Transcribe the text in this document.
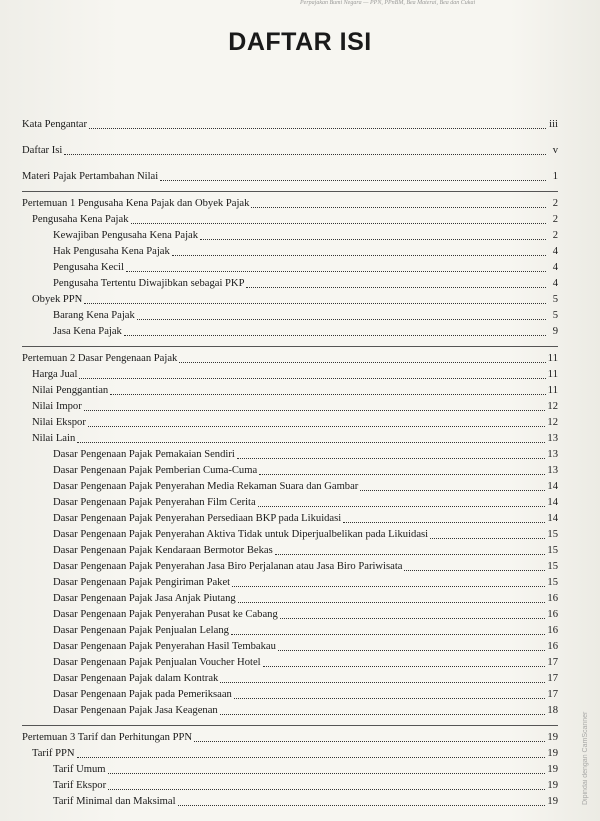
Perpajakan Bumi Negara — PPN, PPnBM, Bea Materai, Bea dan Cukai
DAFTAR ISI
Kata Pengantar	iii
Daftar Isi	v
Materi Pajak Pertambahan Nilai	1
Pertemuan 1 Pengusaha Kena Pajak dan Obyek Pajak	2
Pengusaha Kena Pajak	2
Kewajiban Pengusaha Kena Pajak	2
Hak Pengusaha Kena Pajak	4
Pengusaha Kecil	4
Pengusaha Tertentu Diwajibkan sebagai PKP	4
Obyek PPN	5
Barang Kena Pajak	5
Jasa Kena Pajak	9
Pertemuan 2 Dasar Pengenaan Pajak	11
Harga Jual	11
Nilai Penggantian	11
Nilai Impor	12
Nilai Ekspor	12
Nilai Lain	13
Dasar Pengenaan Pajak Pemakaian Sendiri	13
Dasar Pengenaan Pajak Pemberian Cuma-Cuma	13
Dasar Pengenaan Pajak Penyerahan Media Rekaman Suara dan Gambar	14
Dasar Pengenaan Pajak Penyerahan Film Cerita	14
Dasar Pengenaan Pajak Penyerahan Persediaan BKP pada Likuidasi	14
Dasar Pengenaan Pajak Penyerahan Aktiva Tidak untuk Diperjualbelikan pada Likuidasi	15
Dasar Pengenaan Pajak Kendaraan Bermotor Bekas	15
Dasar Pengenaan Pajak Penyerahan Jasa Biro Perjalanan atau Jasa Biro Pariwisata	15
Dasar Pengenaan Pajak Pengiriman Paket	15
Dasar Pengenaan Pajak Jasa Anjak Piutang	16
Dasar Pengenaan Pajak Penyerahan Pusat ke Cabang	16
Dasar Pengenaan Pajak Penjualan Lelang	16
Dasar Pengenaan Pajak Penyerahan Hasil Tembakau	16
Dasar Pengenaan Pajak Penjualan Voucher Hotel	17
Dasar Pengenaan Pajak dalam Kontrak	17
Dasar Pengenaan Pajak pada Pemeriksaan	17
Dasar Pengenaan Pajak Jasa Keagenan	18
Pertemuan 3 Tarif dan Perhitungan PPN	19
Tarif PPN	19
Tarif Umum	19
Tarif Ekspor	19
Tarif Minimal dan Maksimal	19	Dipindai dengan CamScanner
